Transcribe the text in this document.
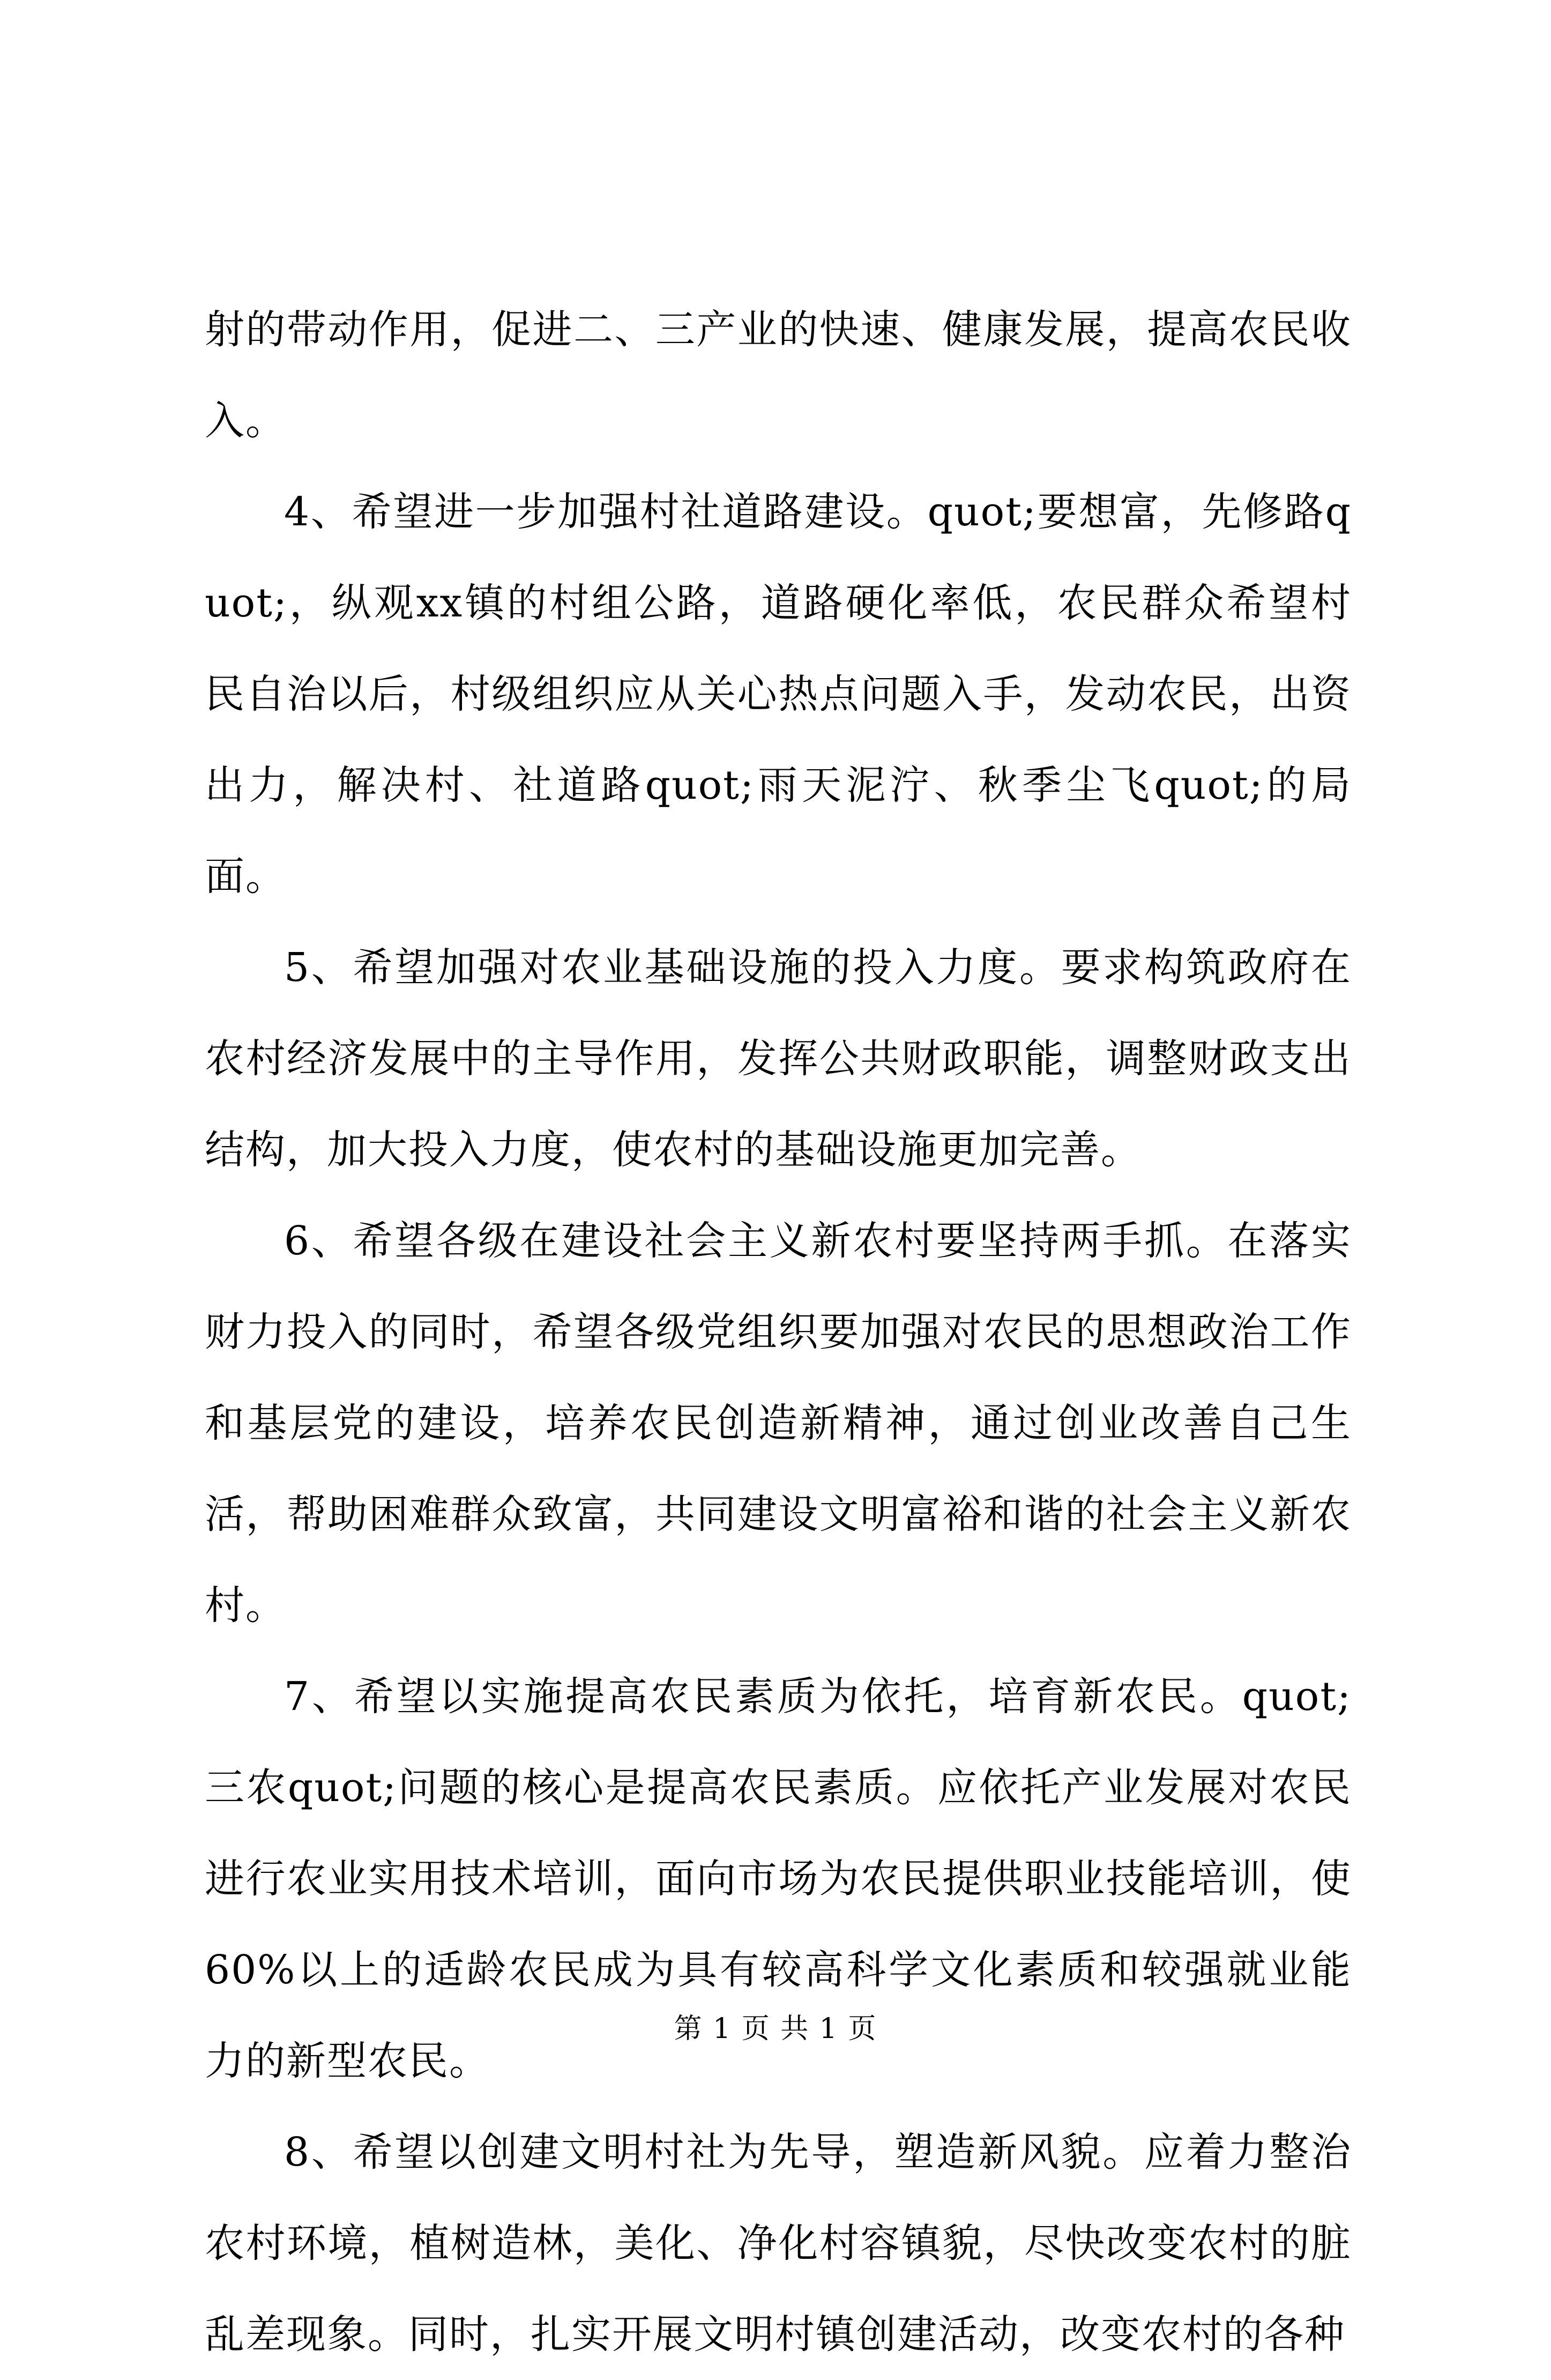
射的带动作用，促进二、三产业的快速、健康发展，提高农民收入。

4、希望进一步加强村社道路建设。quot;要想富，先修路quot;，纵观xx镇的村组公路，道路硬化率低，农民群众希望村民自治以后，村级组织应从关心热点问题入手，发动农民，出资出力，解决村、社道路quot;雨天泥泞、秋季尘飞quot;的局面。

5、希望加强对农业基础设施的投入力度。要求构筑政府在农村经济发展中的主导作用，发挥公共财政职能，调整财政支出结构，加大投入力度，使农村的基础设施更加完善。

6、希望各级在建设社会主义新农村要坚持两手抓。在落实财力投入的同时，希望各级党组织要加强对农民的思想政治工作和基层党的建设，培养农民创造新精神，通过创业改善自己生活，帮助困难群众致富，共同建设文明富裕和谐的社会主义新农村。

7、希望以实施提高农民素质为依托，培育新农民。quot;三农quot;问题的核心是提高农民素质。应依托产业发展对农民进行农业实用技术培训，面向市场为农民提供职业技能培训，使60%以上的适龄农民成为具有较高科学文化素质和较强就业能力的新型农民。

8、希望以创建文明村社为先导，塑造新风貌。应着力整治农村环境，植树造林，美化、净化村容镇貌，尽快改变农村的脏乱差现象。同时，扎实开展文明村镇创建活动，改变农村的各种

第 1 页 共 1 页
